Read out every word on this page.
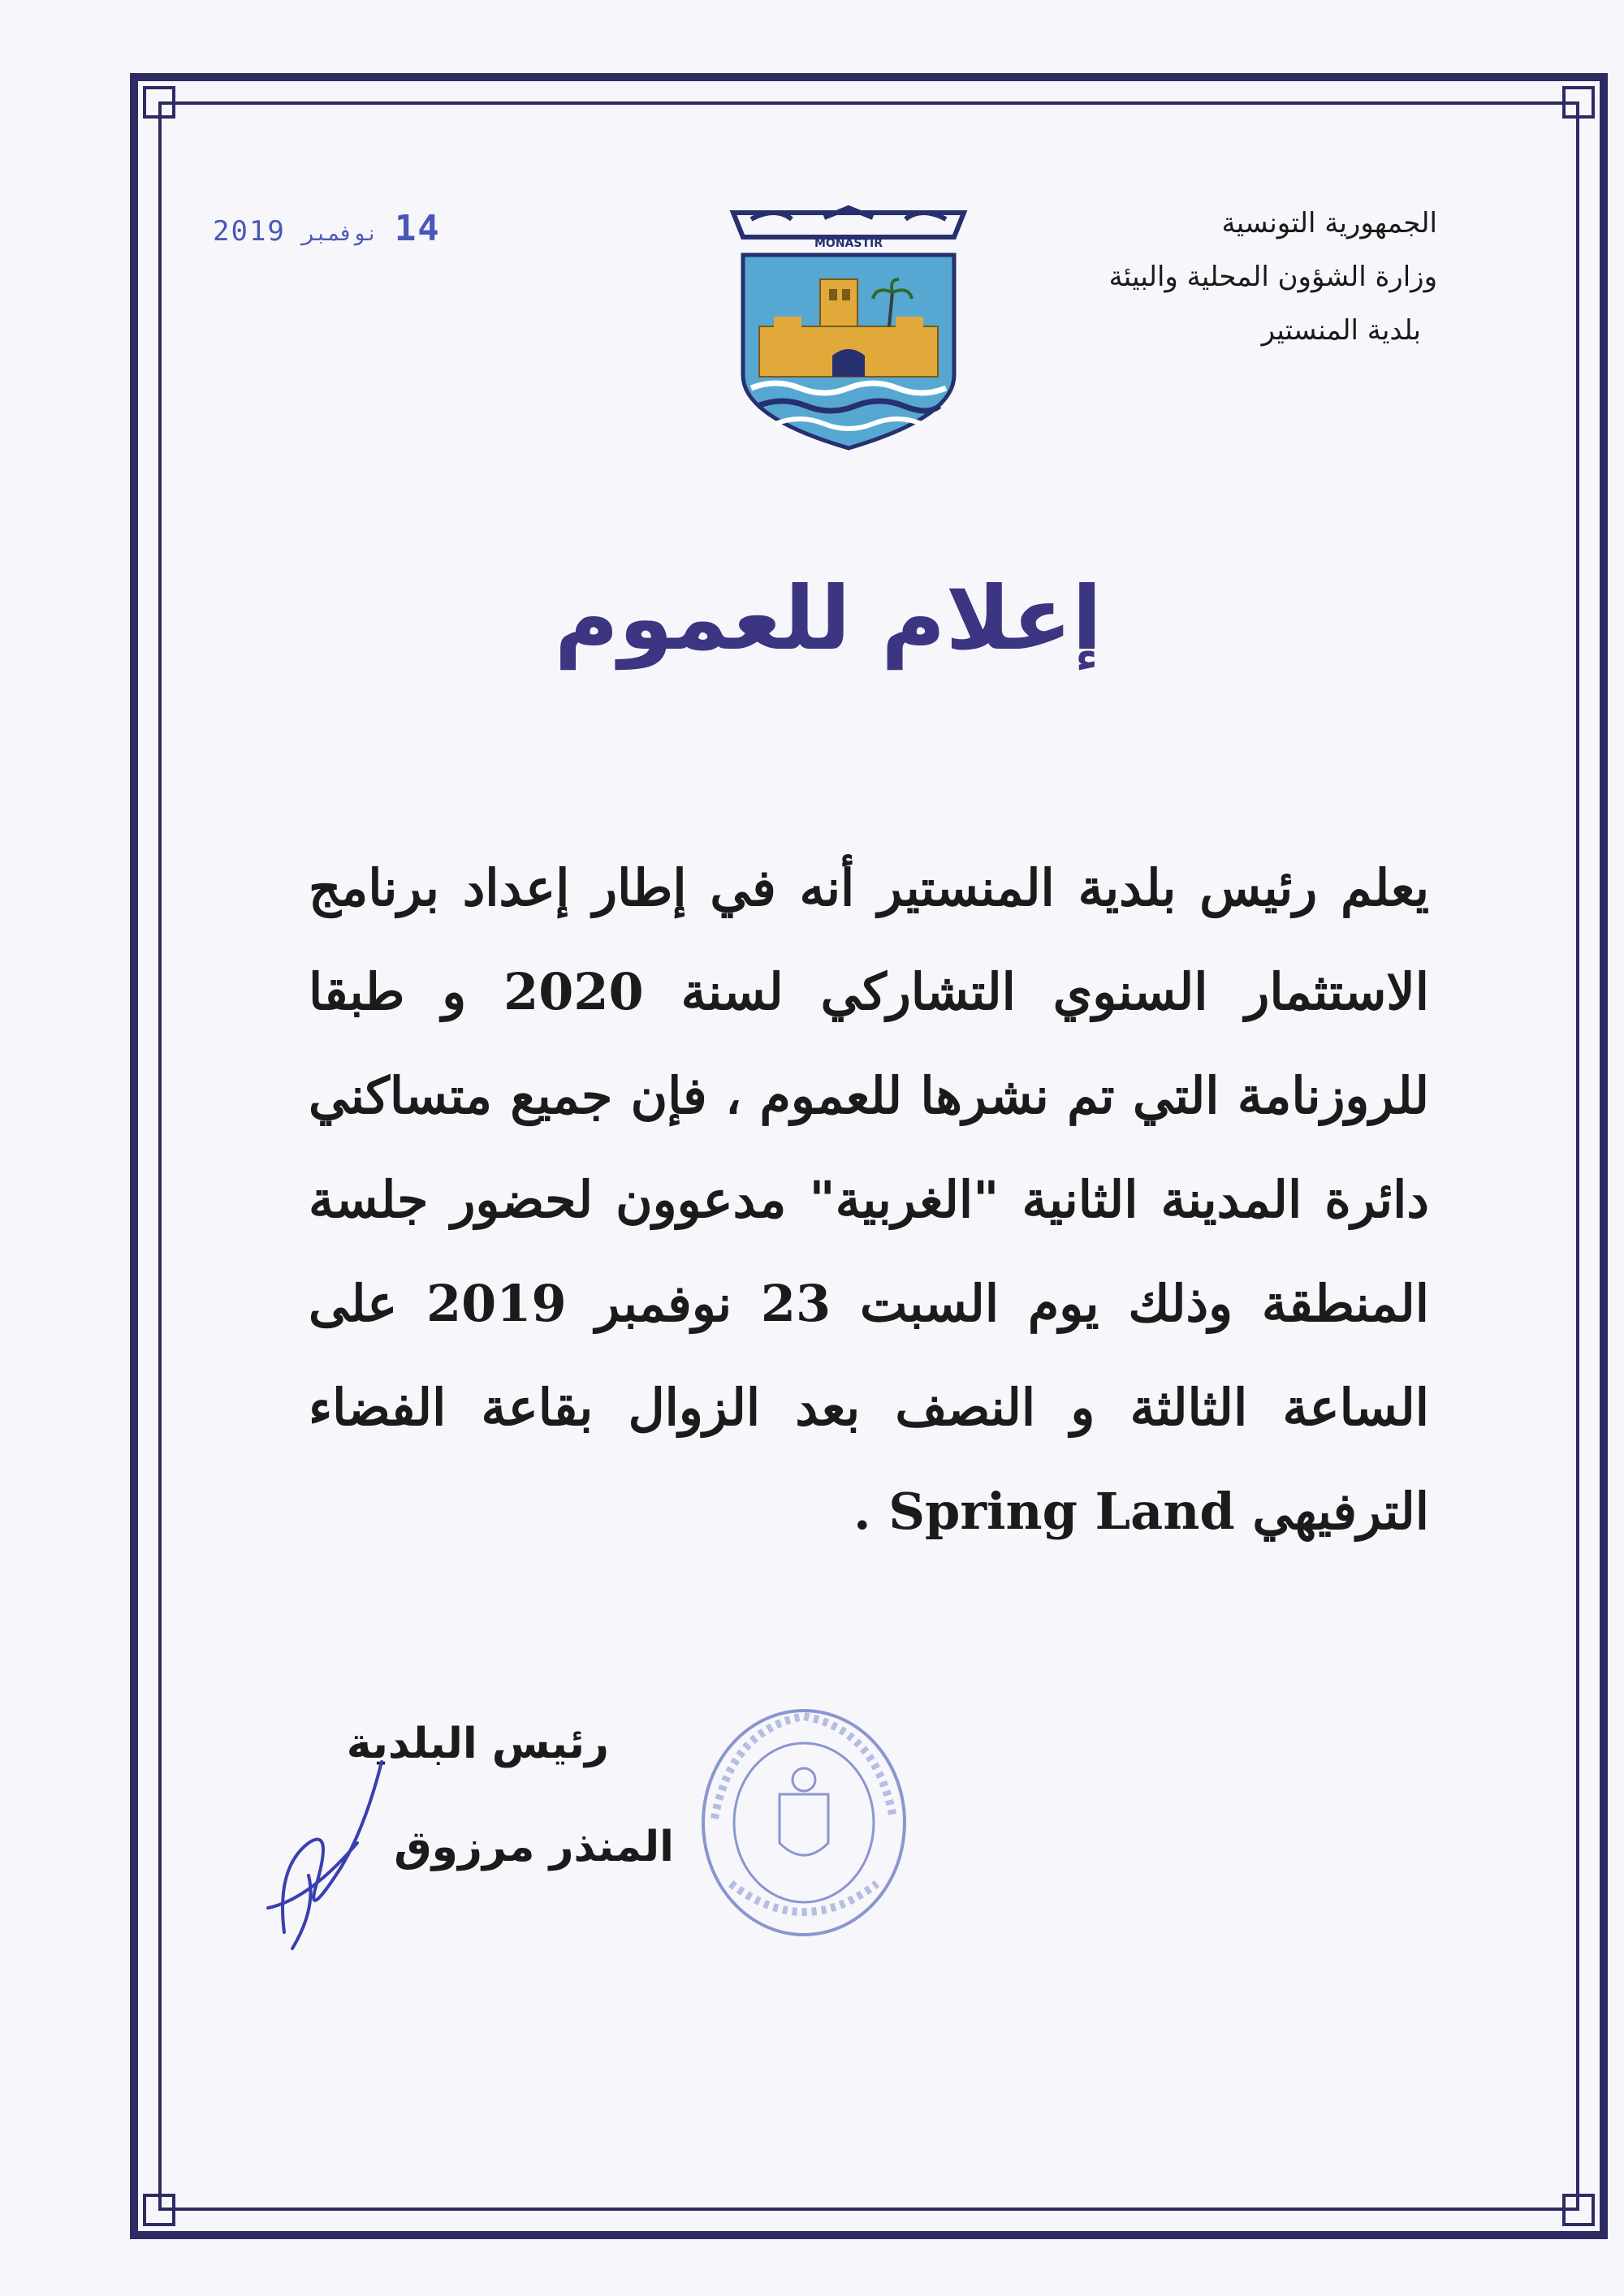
2019 نوفمبر 14	الجمهورية التونسية
وزارة الشؤون المحلية والبيئة
بلدية المنستير
MONASTIR
إعلام للعموم
يعلم رئيس بلدية المنستير أنه في إطار إعداد برنامج الاستثمار السنوي التشاركي لسنة 2020 و طبقا للروزنامة التي تم نشرها للعموم ، فإن جميع متساكني دائرة المدينة الثانية "الغربية" مدعوون لحضور جلسة المنطقة وذلك يوم السبت 23 نوفمبر 2019 على الساعة الثالثة و النصف بعد الزوال بقاعة الفضاء الترفيهي Spring Land .
رئيس البلدية
المنذر مرزوق
